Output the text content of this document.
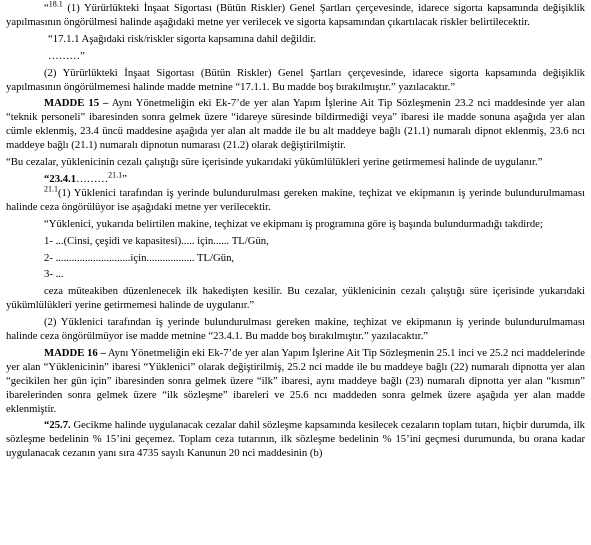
“$^{18.1}$ (1) Yürürlükteki İnşaat Sigortası (Bütün Riskler) Genel Şartları çerçevesinde, idarece sigorta kapsamında değişiklik yapılmasının öngörülmesi halinde aşağıdaki metne yer verilecek ve sigorta kapsamından çıkartılacak riskler belirtilecektir.

“17.1.1 Aşağıdaki risk/riskler sigorta kapsamına dahil değildir.

………”

(2) Yürürlükteki İnşaat Sigortası (Bütün Riskler) Genel Şartları çerçevesinde, idarece sigorta kapsamında değişiklik yapılmasının öngörülmemesi halinde madde metnine “17.1.1. Bu madde boş bırakılmıştır.” yazılacaktır.”

MADDE 15 – Aynı Yönetmeliğin eki Ek-7’de yer alan Yapım İşlerine Ait Tip Sözleşmenin 23.2 nci maddesinde yer alan “teknik personeli” ibaresinden sonra gelmek üzere “idareye süresinde bildirmediği veya” ibaresi ile madde sonuna aşağıda yer alan cümle eklenmiş, 23.4 üncü maddesine aşağıda yer alan alt madde ile bu alt maddeye bağlı (21.1) numaralı dipnot eklenmiş, 23.6 ncı maddeye bağlı (21.1) numaralı dipnotun numarası (21.2) olarak değiştirilmiştir.

“Bu cezalar, yüklenicinin cezalı çalıştığı süre içerisinde yukarıdaki yükümlülükleri yerine getirmemesi halinde de uygulanır.”

“23.4.1………$^{21.1}$”

$^{21.1}$(1) Yüklenici tarafından iş yerinde bulundurulması gereken makine, teçhizat ve ekipmanın iş yerinde bulundurulmaması halinde ceza öngörülüyor ise aşağıdaki metne yer verilecektir.

“Yüklenici, yukarıda belirtilen makine, teçhizat ve ekipmanı iş programına göre iş başında bulundurmadığı takdirde;

1- ...(Cinsi, çeşidi ve kapasitesi)..... için...... TL/Gün,

2- ............................için.................. TL/Gün,

3- ...

ceza müteakiben düzenlenecek ilk hakedişten kesilir. Bu cezalar, yüklenicinin cezalı çalıştığı süre içerisinde yukarıdaki yükümlülükleri yerine getirmemesi halinde de uygulanır.”

(2) Yüklenici tarafından iş yerinde bulundurulması gereken makine, teçhizat ve ekipmanın iş yerinde bulundurulmaması halinde ceza öngörülmüyor ise madde metnine “23.4.1. Bu madde boş bırakılmıştır.” yazılacaktır.”

MADDE 16 – Aynı Yönetmeliğin eki Ek-7’de yer alan Yapım İşlerine Ait Tip Sözleşmenin 25.1 inci ve 25.2 nci maddelerinde yer alan “Yüklenicinin” ibaresi “Yüklenici” olarak değiştirilmiş, 25.2 nci madde ile bu maddeye bağlı (22) numaralı dipnotta yer alan “gecikilen her gün için” ibaresinden sonra gelmek üzere “ilk” ibaresi, aynı maddeye bağlı (23) numaralı dipnotta yer alan “kısmın” ibarelerinden sonra gelmek üzere “ilk sözleşme” ibareleri ve 25.6 ncı maddeden sonra gelmek üzere aşağıda yer alan madde eklenmiştir.

“25.7. Gecikme halinde uygulanacak cezalar dahil sözleşme kapsamında kesilecek cezaların toplam tutarı, hiçbir durumda, ilk sözleşme bedelinin % 15’ini geçemez. Toplam ceza tutarının, ilk sözleşme bedelinin % 15’ini geçmesi durumunda, bu orana kadar uygulanacak cezanın yanı sıra 4735 sayılı Kanunun 20 nci maddesinin (b)
